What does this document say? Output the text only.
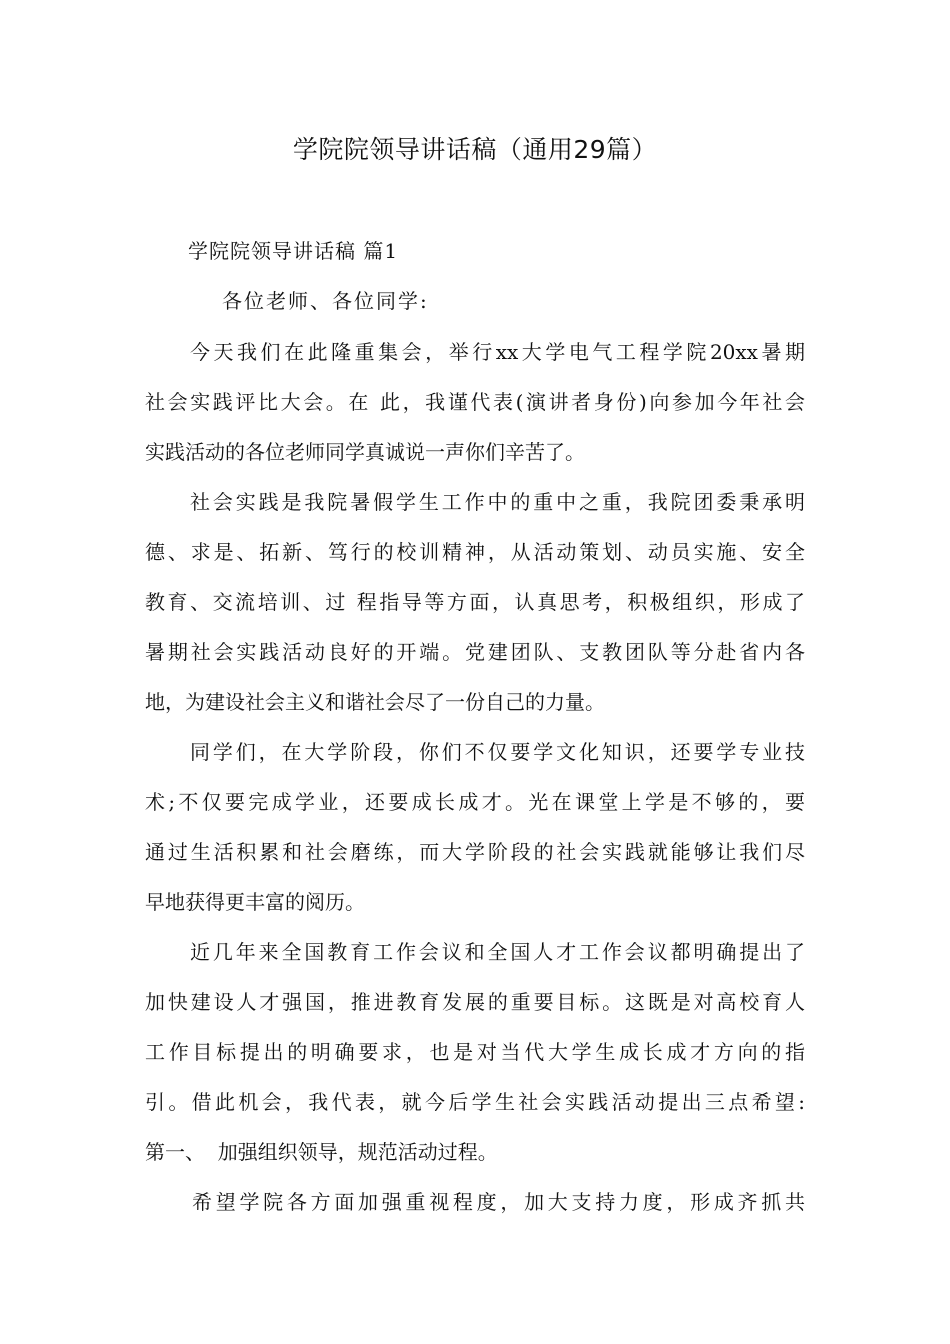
学院院领导讲话稿（通用29篇）

学院院领导讲话稿 篇1

各位老师、各位同学:

今天我们在此隆重集会，举行xx大学电气工程学院20xx暑期

社会实践评比大会。在 此，我谨代表(演讲者身份)向参加今年社会

实践活动的各位老师同学真诚说一声你们辛苦了。

社会实践是我院暑假学生工作中的重中之重，我院团委秉承明

德、求是、拓新、笃行的校训精神，从活动策划、动员实施、安全

教育、交流培训、过 程指导等方面，认真思考，积极组织，形成了

暑期社会实践活动良好的开端。党建团队、支教团队等分赴省内各

地，为建设社会主义和谐社会尽了一份自己的力量。

同学们，在大学阶段，你们不仅要学文化知识，还要学专业技

术;不仅要完成学业，还要成长成才。光在课堂上学是不够的，要

通过生活积累和社会磨练，而大学阶段的社会实践就能够让我们尽

早地获得更丰富的阅历。

近几年来全国教育工作会议和全国人才工作会议都明确提出了

加快建设人才强国，推进教育发展的重要目标。这既是对高校育人

工作目标提出的明确要求，也是对当代大学生成长成才方向的指

引。借此机会，我代表，就今后学生社会实践活动提出三点希望:

第一、  加强组织领导，规范活动过程。

希望学院各方面加强重视程度，加大支持力度，形成齐抓共
